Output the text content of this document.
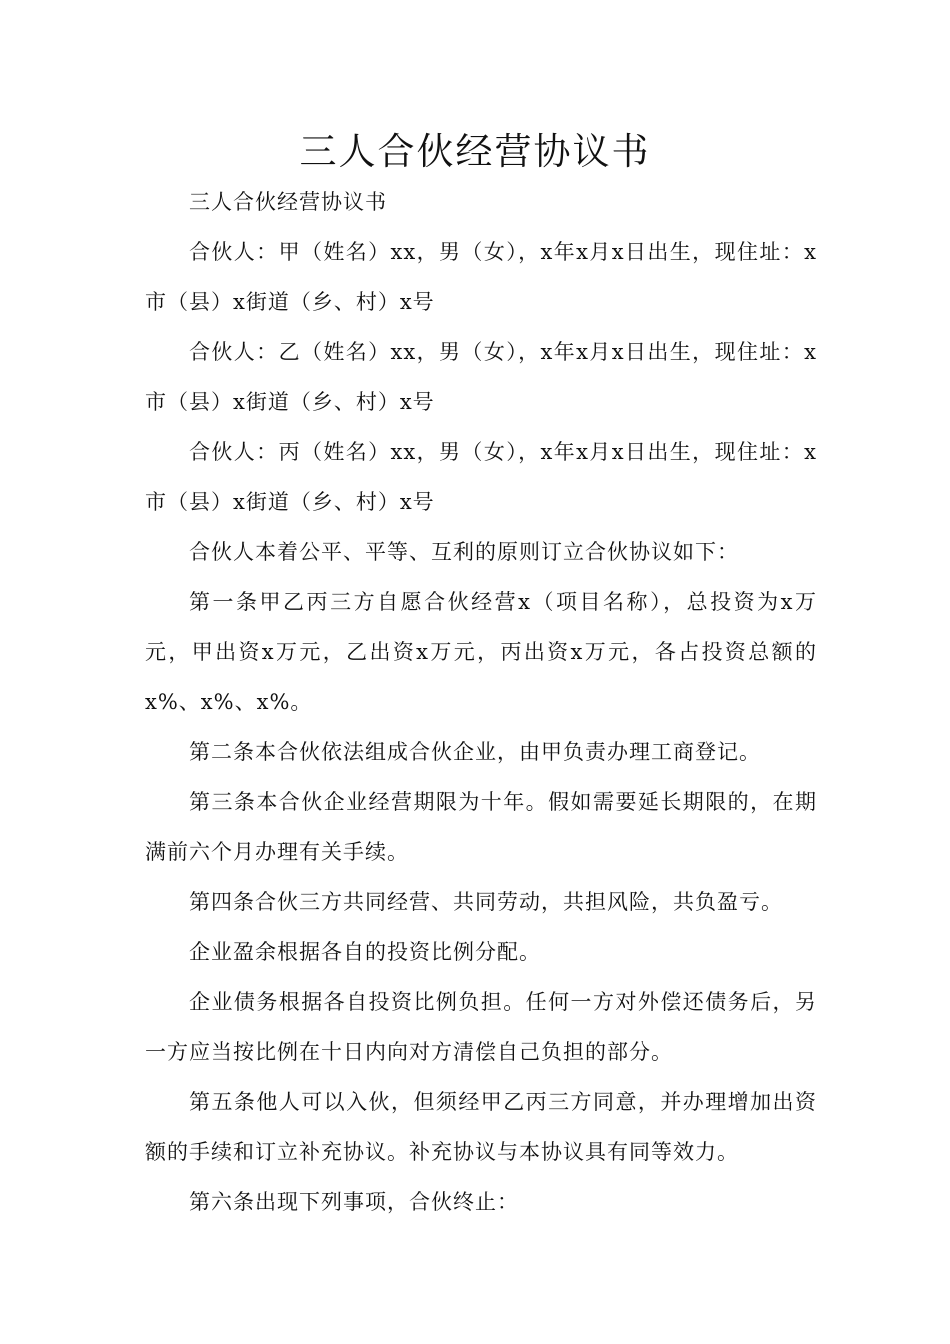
三人合伙经营协议书

三人合伙经营协议书

合伙人：甲（姓名）xx，男（女），x年x月x日出生，现住址：x市（县）x街道（乡、村）x号

合伙人：乙（姓名）xx，男（女），x年x月x日出生，现住址：x市（县）x街道（乡、村）x号

合伙人：丙（姓名）xx，男（女），x年x月x日出生，现住址：x市（县）x街道（乡、村）x号

合伙人本着公平、平等、互利的原则订立合伙协议如下：

第一条甲乙丙三方自愿合伙经营x（项目名称），总投资为x万元，甲出资x万元，乙出资x万元，丙出资x万元，各占投资总额的x%、x%、x%。

第二条本合伙依法组成合伙企业，由甲负责办理工商登记。

第三条本合伙企业经营期限为十年。假如需要延长期限的，在期满前六个月办理有关手续。

第四条合伙三方共同经营、共同劳动，共担风险，共负盈亏。

企业盈余根据各自的投资比例分配。

企业债务根据各自投资比例负担。任何一方对外偿还债务后，另一方应当按比例在十日内向对方清偿自己负担的部分。

第五条他人可以入伙，但须经甲乙丙三方同意，并办理增加出资额的手续和订立补充协议。补充协议与本协议具有同等效力。

第六条出现下列事项，合伙终止：
